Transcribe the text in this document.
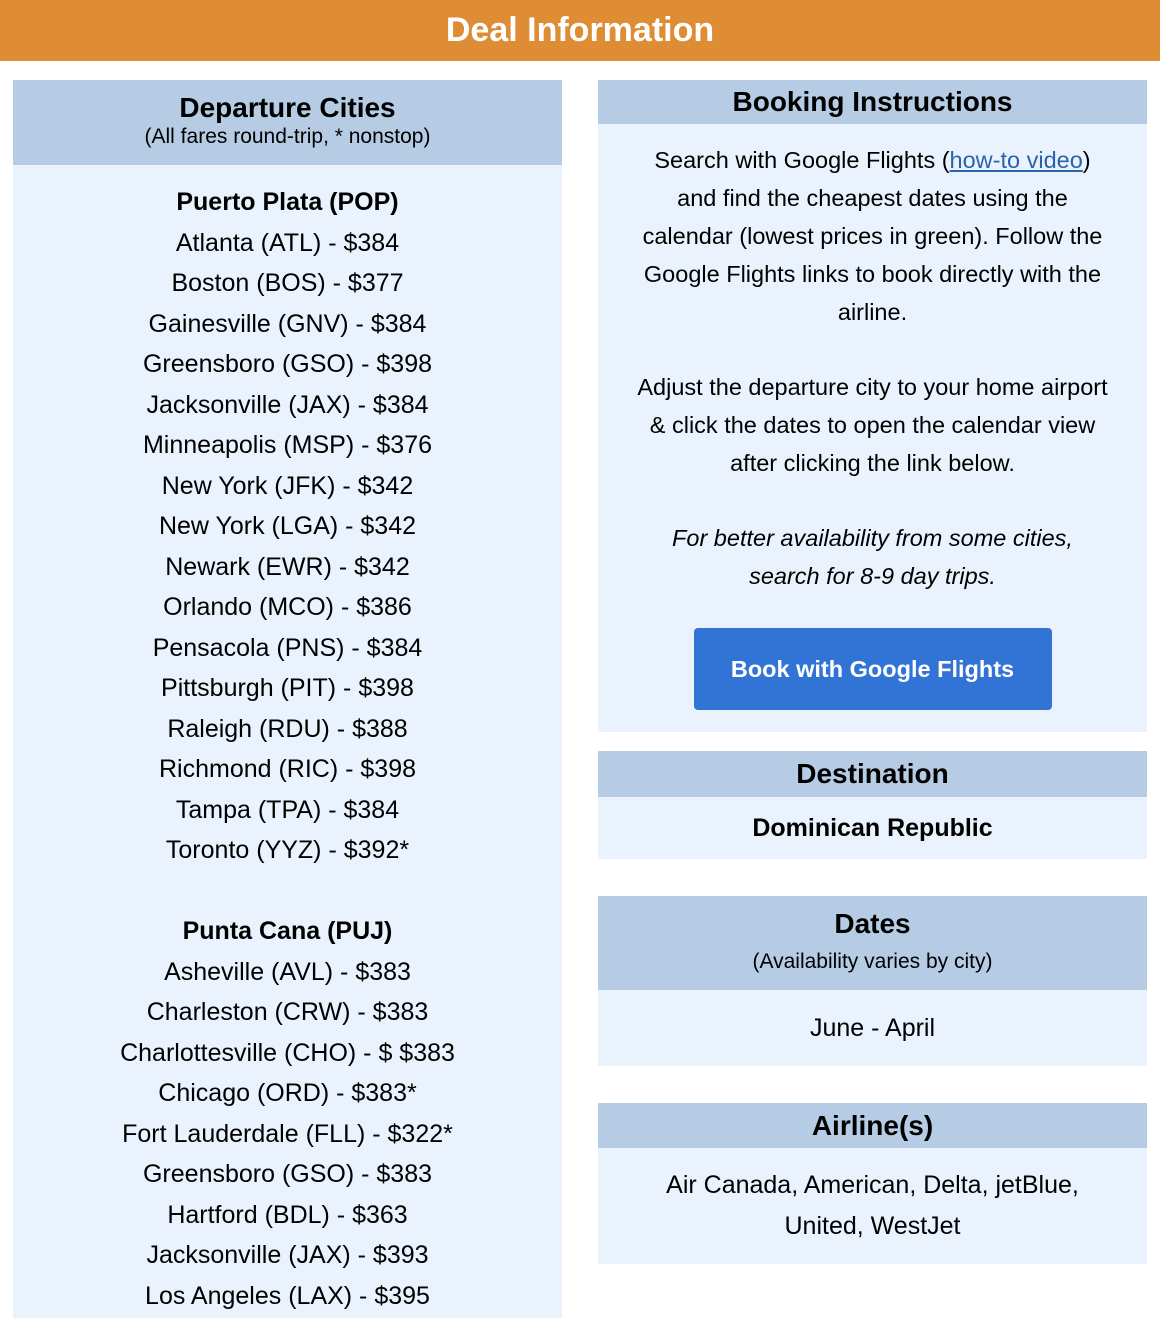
Deal Information
Departure Cities
(All fares round-trip, * nonstop)
Puerto Plata (POP)
Atlanta (ATL) - $384
Boston (BOS) - $377
Gainesville (GNV) - $384
Greensboro (GSO) - $398
Jacksonville (JAX) - $384
Minneapolis (MSP) - $376
New York (JFK) - $342
New York (LGA) - $342
Newark (EWR) - $342
Orlando (MCO) - $386
Pensacola (PNS) - $384
Pittsburgh (PIT) - $398
Raleigh (RDU) - $388
Richmond (RIC) - $398
Tampa (TPA) - $384
Toronto (YYZ) - $392*
Punta Cana (PUJ)
Asheville (AVL) - $383
Charleston (CRW) - $383
Charlottesville (CHO) - $ $383
Chicago (ORD) - $383*
Fort Lauderdale (FLL) - $322*
Greensboro (GSO) - $383
Hartford (BDL) - $363
Jacksonville (JAX) - $393
Los Angeles (LAX) - $395
Booking Instructions

Search with Google Flights (how-to video) and find the cheapest dates using the calendar (lowest prices in green). Follow the Google Flights links to book directly with the airline.

Adjust the departure city to your home airport & click the dates to open the calendar view after clicking the link below.

For better availability from some cities, search for 8-9 day trips.

Book with Google Flights
Destination
Dominican Republic
Dates
(Availability varies by city)
June - April
Airline(s)
Air Canada, American, Delta, jetBlue, United, WestJet
